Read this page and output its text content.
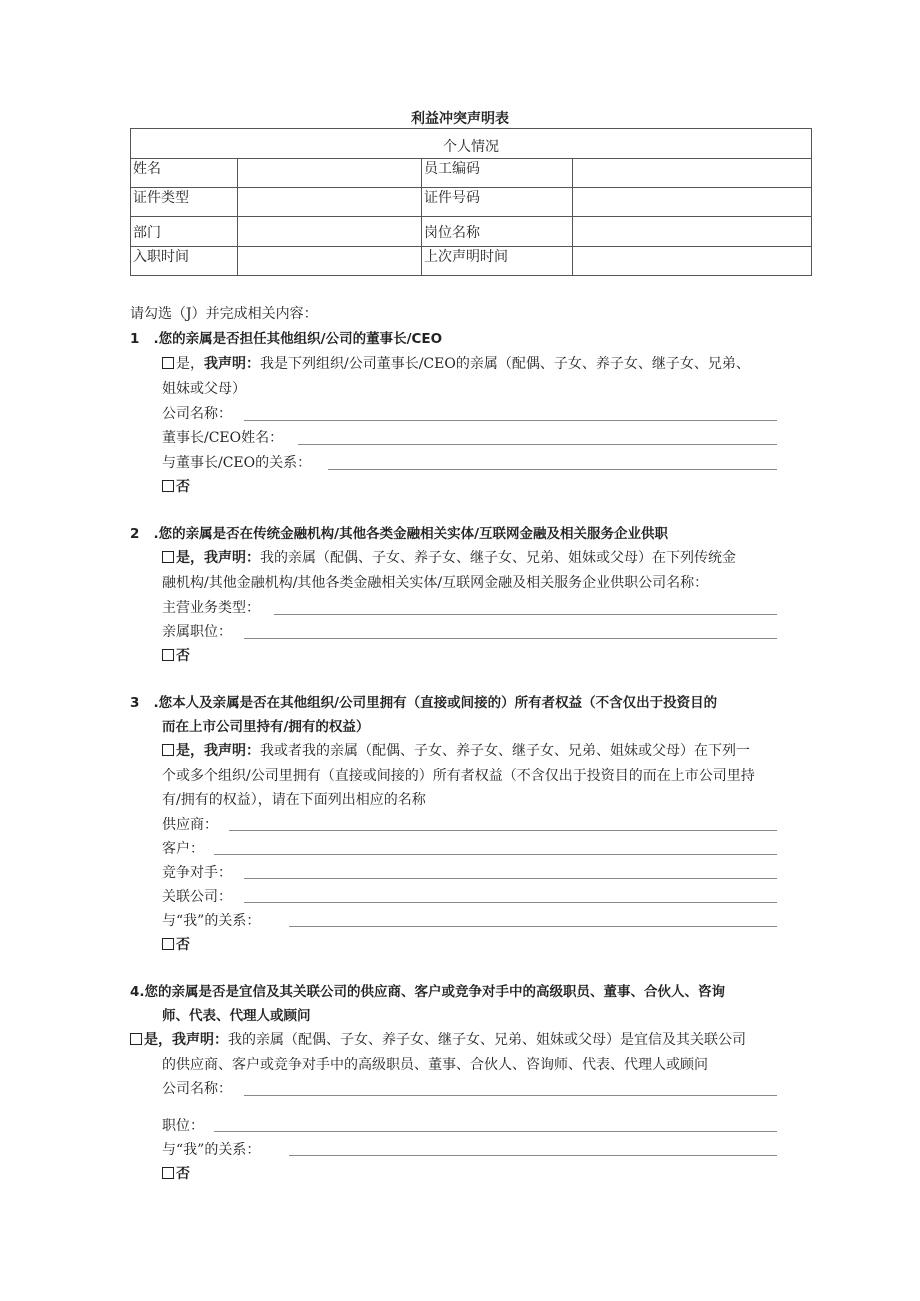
利益冲突声明表
个人情况			
姓名		员工编码	
证件类型		证件号码	
部门		岗位名称	
入职时间		上次声明时间	
请勾选（J）并完成相关内容：
1 .您的亲属是否担任其他组织/公司的董事长/CEO
是，我声明：我是下列组织/公司董事长/CEO的亲属（配偶、子女、养子女、继子女、兄弟、
姐妹或父母）
公司名称：
董事长/CEO姓名：
与董事长/CEO的关系：
否
2 .您的亲属是否在传统金融机构/其他各类金融相关实体/互联网金融及相关服务企业供职
是，我声明：我的亲属（配偶、子女、养子女、继子女、兄弟、姐妹或父母）在下列传统金
融机构/其他金融机构/其他各类金融相关实体/互联网金融及相关服务企业供职公司名称：
主营业务类型：
亲属职位：
否
3 .您本人及亲属是否在其他组织/公司里拥有（直接或间接的）所有者权益（不含仅出于投资目的
而在上市公司里持有/拥有的权益）
是，我声明：我或者我的亲属（配偶、子女、养子女、继子女、兄弟、姐妹或父母）在下列一
个或多个组织/公司里拥有（直接或间接的）所有者权益（不含仅出于投资目的而在上市公司里持
有/拥有的权益），请在下面列出相应的名称
供应商：
客户：
竞争对手：
关联公司：
与“我”的关系：
否
4.您的亲属是否是宜信及其关联公司的供应商、客户或竞争对手中的高级职员、董事、合伙人、咨询
师、代表、代理人或顾问
是，我声明：我的亲属（配偶、子女、养子女、继子女、兄弟、姐妹或父母）是宜信及其关联公司
的供应商、客户或竞争对手中的高级职员、董事、合伙人、咨询师、代表、代理人或顾问
公司名称：
职位：
与“我”的关系：
否
